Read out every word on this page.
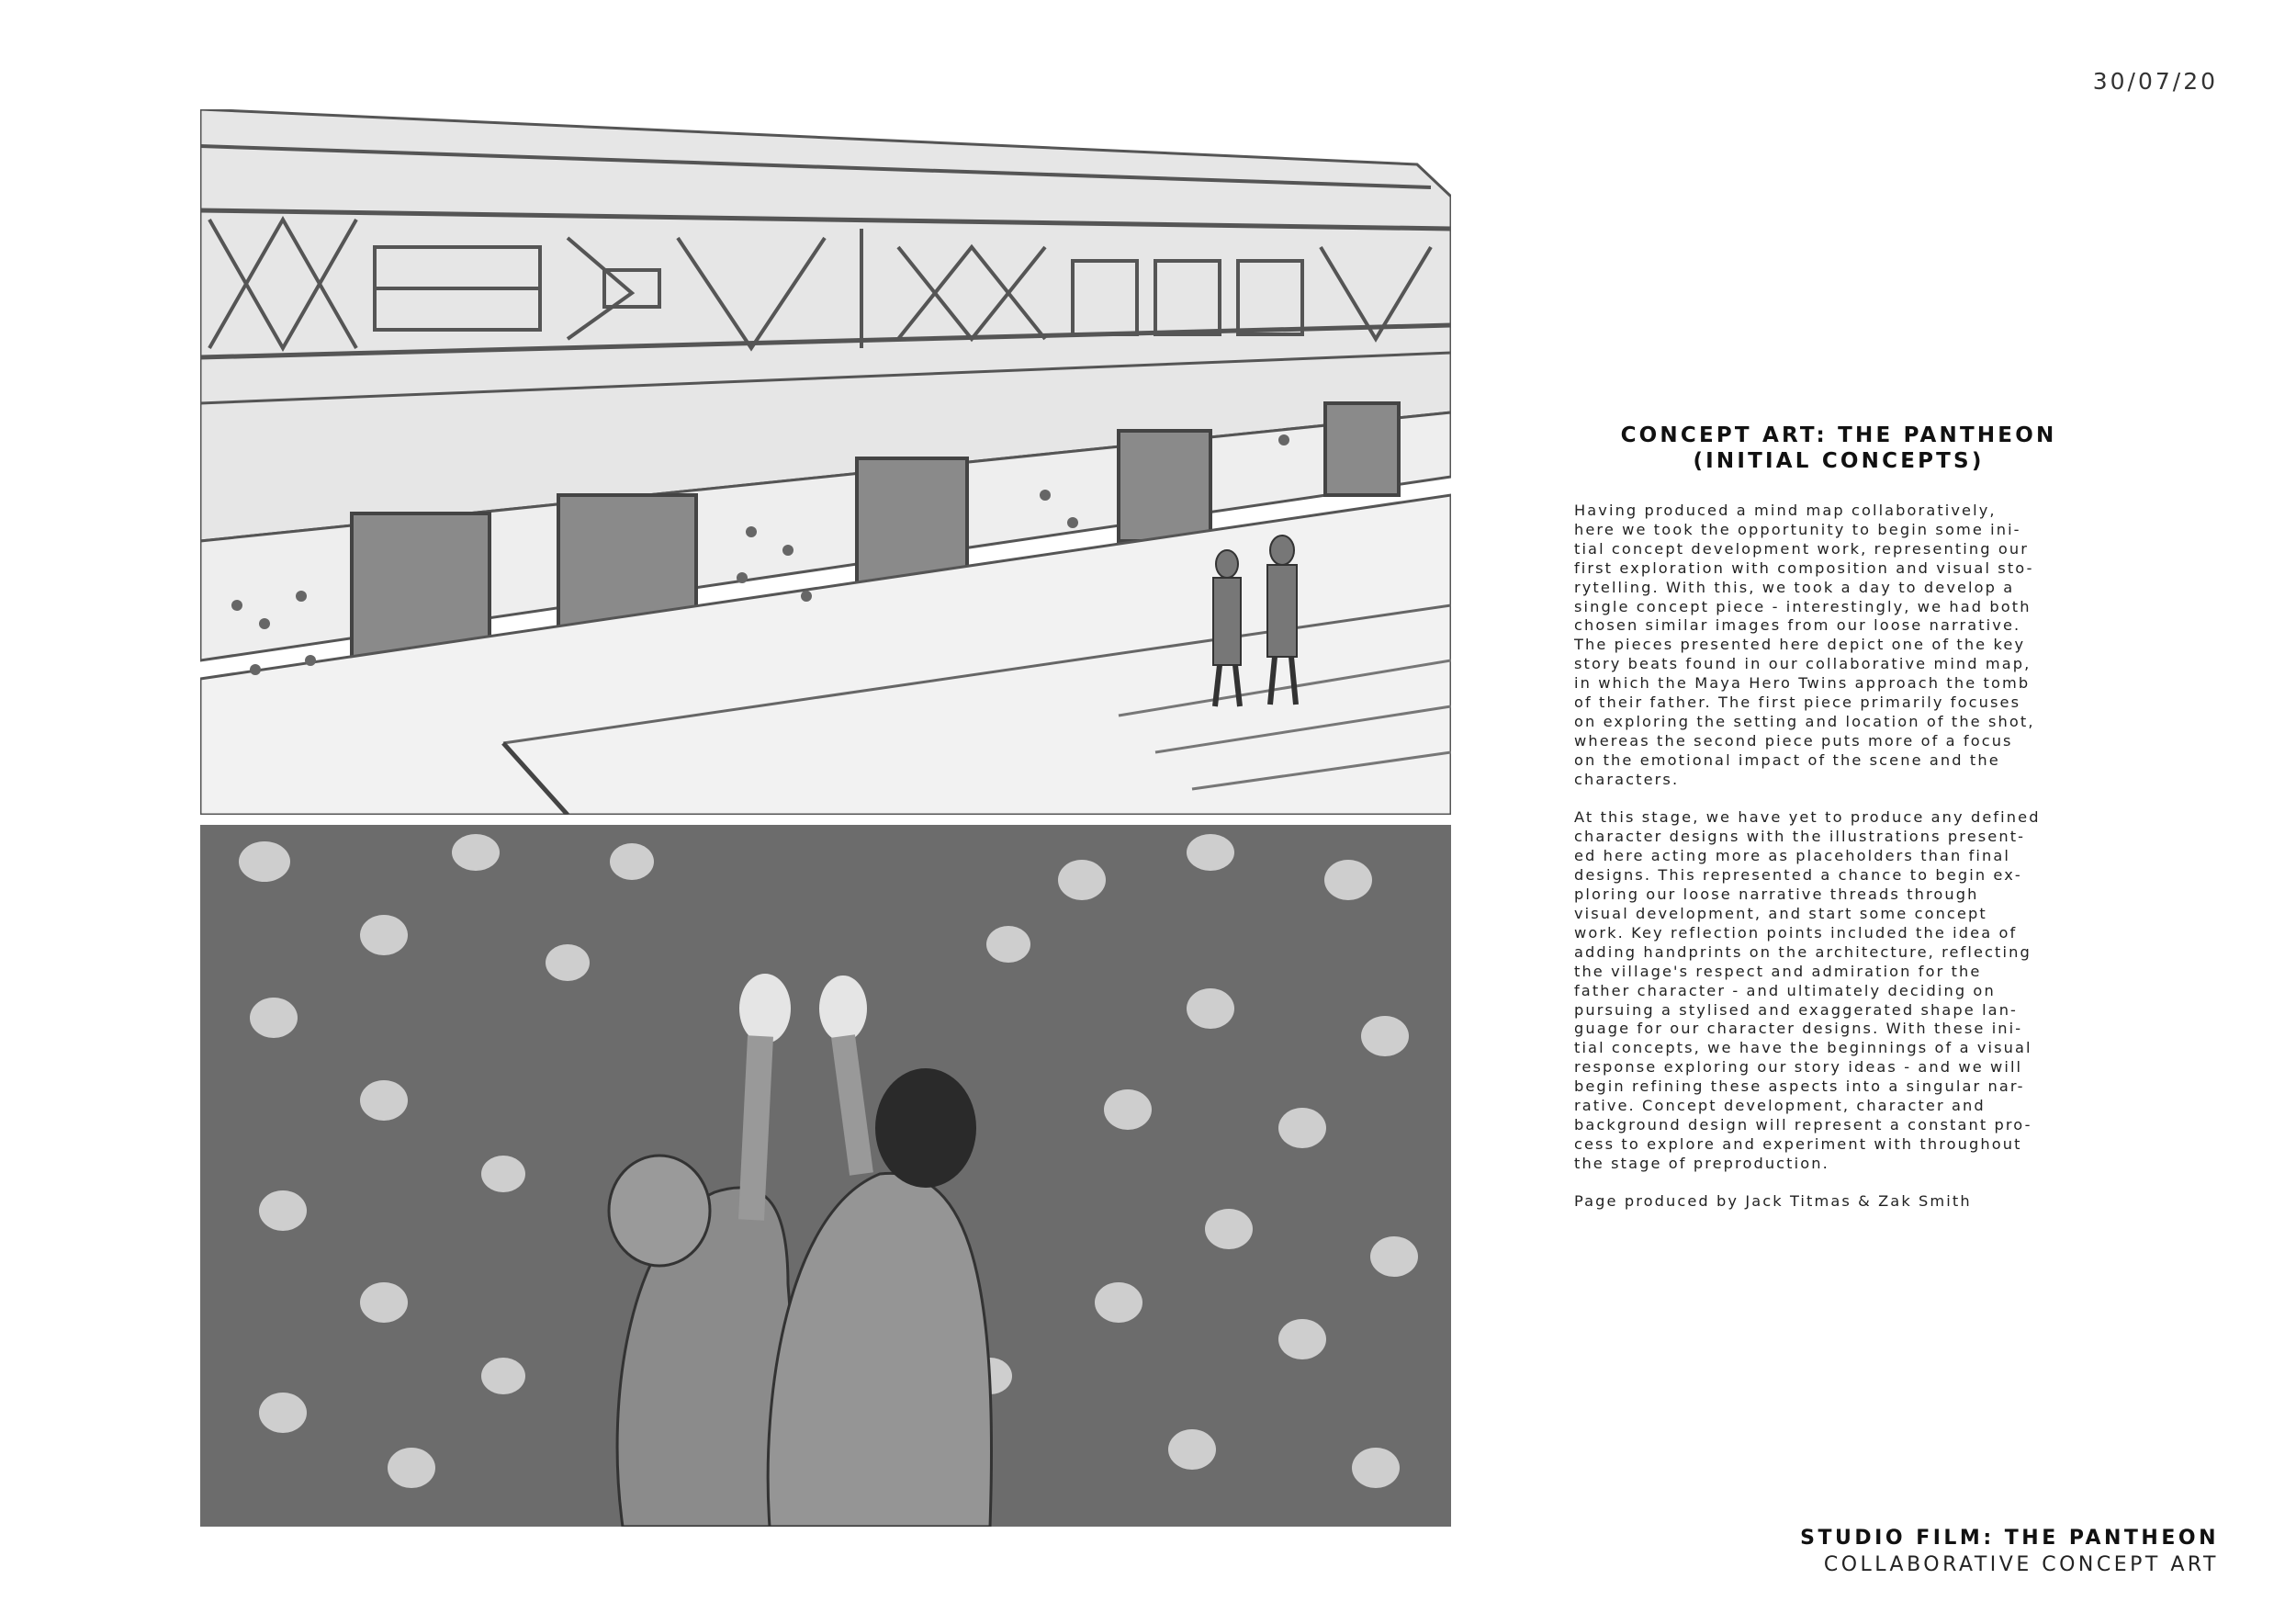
30/07/20
CONCEPT ART: THE PANTHEON
(INITIAL CONCEPTS)

Having produced a mind map collaboratively,
here we took the opportunity to begin some ini-
tial concept development work, representing our
first exploration with composition and visual sto-
rytelling. With this, we took a day to develop a
single concept piece - interestingly, we had both
chosen similar images from our loose narrative.
The pieces presented here depict one of the key
story beats found in our collaborative mind map,
in which the Maya Hero Twins approach the tomb
of their father. The first piece primarily focuses
on exploring the setting and location of the shot,
whereas the second piece puts more of a focus
on the emotional impact of the scene and the
characters.

At this stage, we have yet to produce any defined
character designs with the illustrations present-
ed here acting more as placeholders than final
designs. This represented a chance to begin ex-
ploring our loose narrative threads through
visual development, and start some concept
work. Key reflection points included the idea of
adding handprints on the architecture, reflecting
the village's respect and admiration for the
father character - and ultimately deciding on
pursuing a stylised and exaggerated shape lan-
guage for our character designs. With these ini-
tial concepts, we have the beginnings of a visual
response exploring our story ideas - and we will
begin refining these aspects into a singular nar-
rative. Concept development, character and
background design will represent a constant pro-
cess to explore and experiment with throughout
the stage of preproduction.

Page produced by Jack Titmas & Zak Smith
STUDIO FILM: THE PANTHEON
COLLABORATIVE CONCEPT ART
